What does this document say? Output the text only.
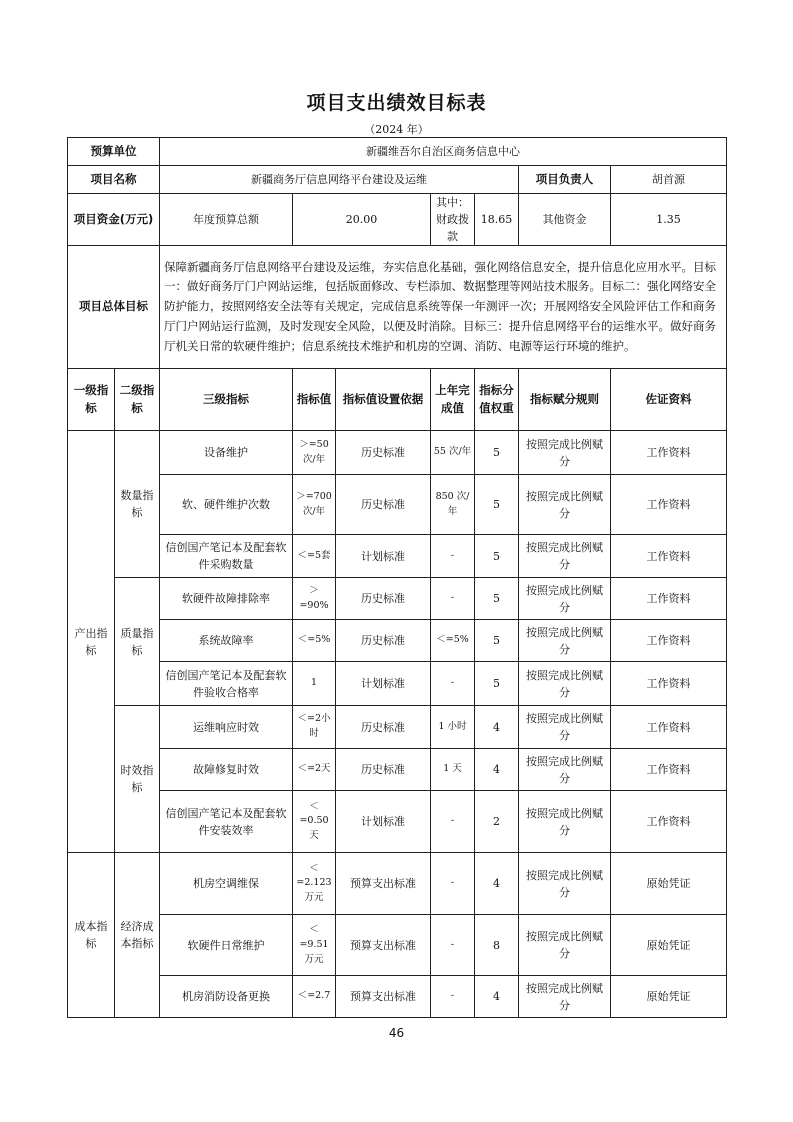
项目支出绩效目标表
（2024 年）
预算单位		新疆维吾尔自治区商务信息中心						
项目名称		新疆商务厅信息网络平台建设及运维					项目负责人	胡首源
项目资金(万元)		年度预算总额	20.00		其中：财政拨款	18.65	其他资金	1.35
项目总体目标		保障新疆商务厅信息网络平台建设及运维，夯实信息化基础，强化网络信息安全，提升信息化应用水平。目标一：做好商务厅门户网站运维，包括版面修改、专栏添加、数据整理等网站技术服务。目标二：强化网络安全防护能力，按照网络安全法等有关规定，完成信息系统等保一年测评一次；开展网络安全风险评估工作和商务厅门户网站运行监测，及时发现安全风险，以便及时消除。目标三：提升信息网络平台的运维水平。做好商务厅机关日常的软硬件维护；信息系统技术维护和机房的空调、消防、电源等运行环境的维护。						
一级指标	二级指标	三级指标	指标值	指标值设置依据	上年完成值	指标分值权重	指标赋分规则	佐证资料
产出指标	数量指标	设备维护	＞=50次/年	历史标准	55 次/年	5	按照完成比例赋分	工作资料
		软、硬件维护次数	＞=700次/年	历史标准	850 次/年	5	按照完成比例赋分	工作资料
		信创国产笔记本及配套软件采购数量	＜=5套	计划标准	-	5	按照完成比例赋分	工作资料
	质量指标	软硬件故障排除率	＞=90%	历史标准	-	5	按照完成比例赋分	工作资料
		系统故障率	＜=5%	历史标准	＜=5%	5	按照完成比例赋分	工作资料
		信创国产笔记本及配套软件验收合格率	1	计划标准	-	5	按照完成比例赋分	工作资料
	时效指标	运维响应时效	＜=2小时	历史标准	1 小时	4	按照完成比例赋分	工作资料
		故障修复时效	＜=2天	历史标准	1 天	4	按照完成比例赋分	工作资料
		信创国产笔记本及配套软件安装效率	＜=0.50天	计划标准	-	2	按照完成比例赋分	工作资料
成本指标	经济成本指标	机房空调维保	＜=2.123万元	预算支出标准	-	4	按照完成比例赋分	原始凭证
		软硬件日常维护	＜=9.51万元	预算支出标准	-	8	按照完成比例赋分	原始凭证
		机房消防设备更换	＜=2.7	预算支出标准	-	4	按照完成比例赋分	原始凭证
46
